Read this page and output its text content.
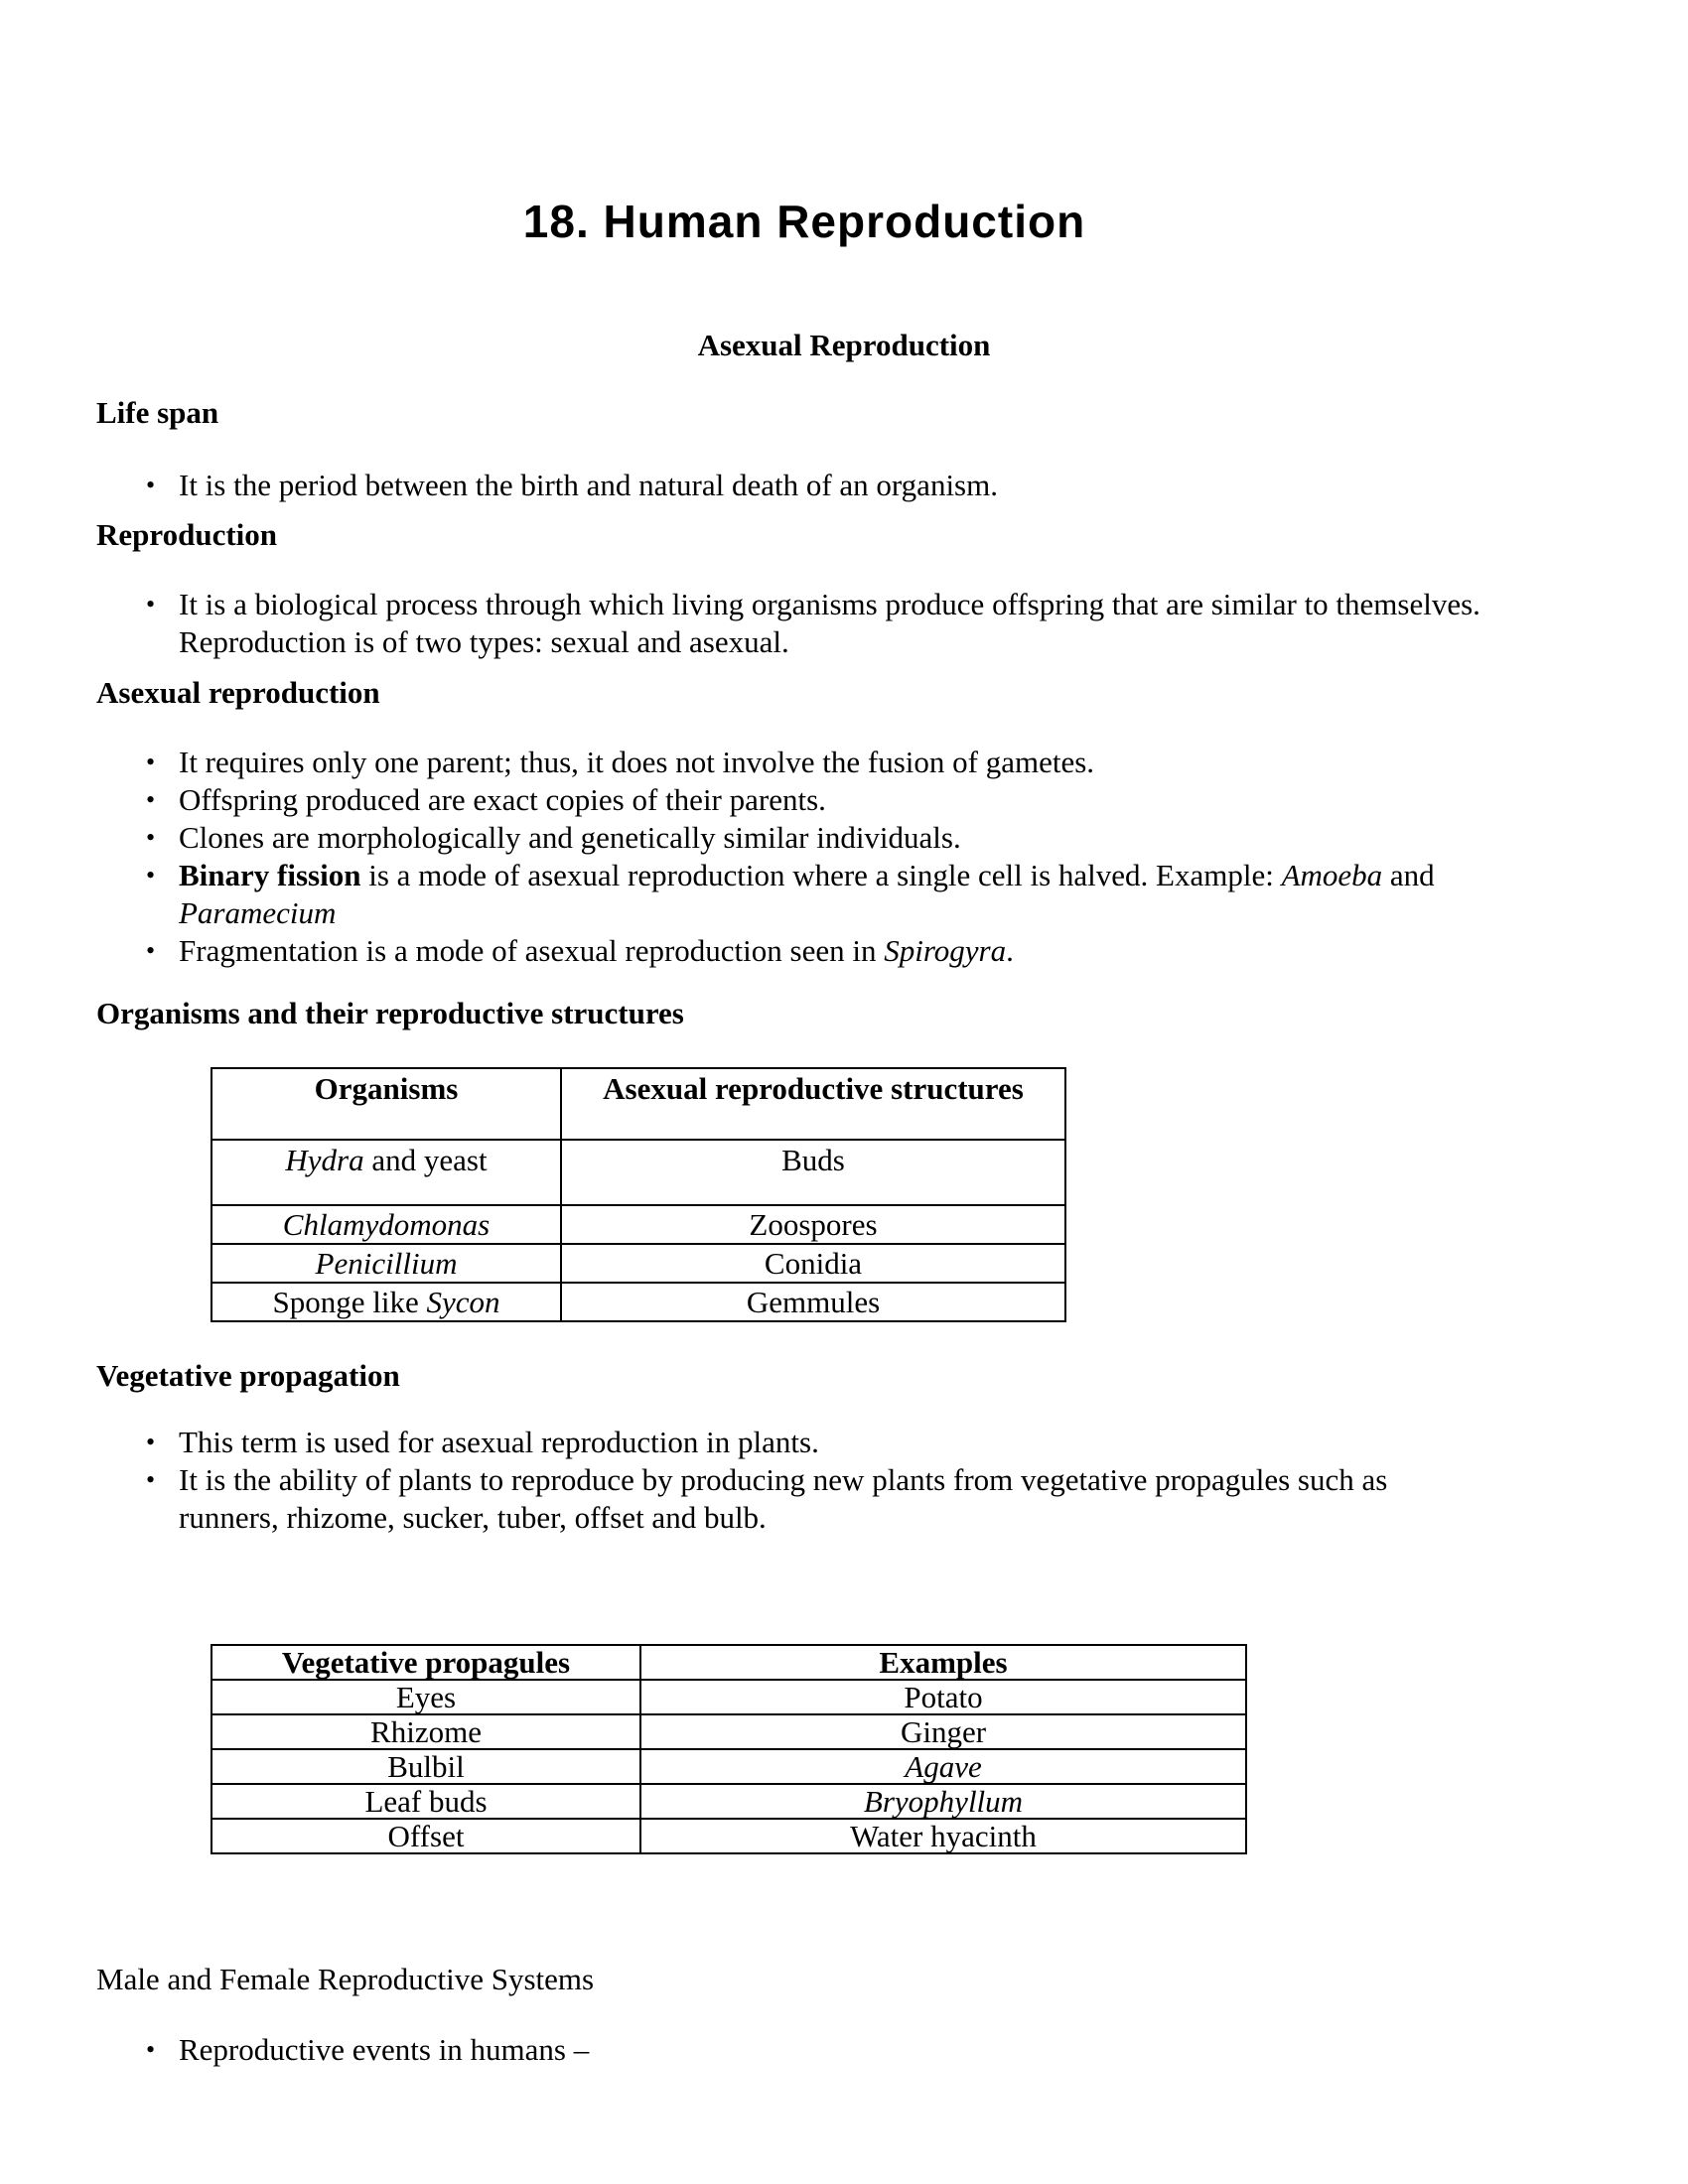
18. Human Reproduction
Asexual Reproduction
Life span
• It is the period between the birth and natural death of an organism.
Reproduction
• It is a biological process through which living organisms produce offspring that are similar to themselves.
Reproduction is of two types: sexual and asexual.
Asexual reproduction
• It requires only one parent; thus, it does not involve the fusion of gametes.
• Offspring produced are exact copies of their parents.
• Clones are morphologically and genetically similar individuals.
• Binary fission is a mode of asexual reproduction where a single cell is halved. Example: Amoeba and
Paramecium
• Fragmentation is a mode of asexual reproduction seen in Spirogyra.
Organisms and their reproductive structures
Organisms	Asexual reproductive structures
Hydra and yeast	Buds
Chlamydomonas	Zoospores
Penicillium	Conidia
Sponge like Sycon	Gemmules
Vegetative propagation
• This term is used for asexual reproduction in plants.
• It is the ability of plants to reproduce by producing new plants from vegetative propagules such as
runners, rhizome, sucker, tuber, offset and bulb.
Vegetative propagules	Examples
Eyes	Potato
Rhizome	Ginger
Bulbil	Agave
Leaf buds	Bryophyllum
Offset	Water hyacinth
Male and Female Reproductive Systems
• Reproductive events in humans –
